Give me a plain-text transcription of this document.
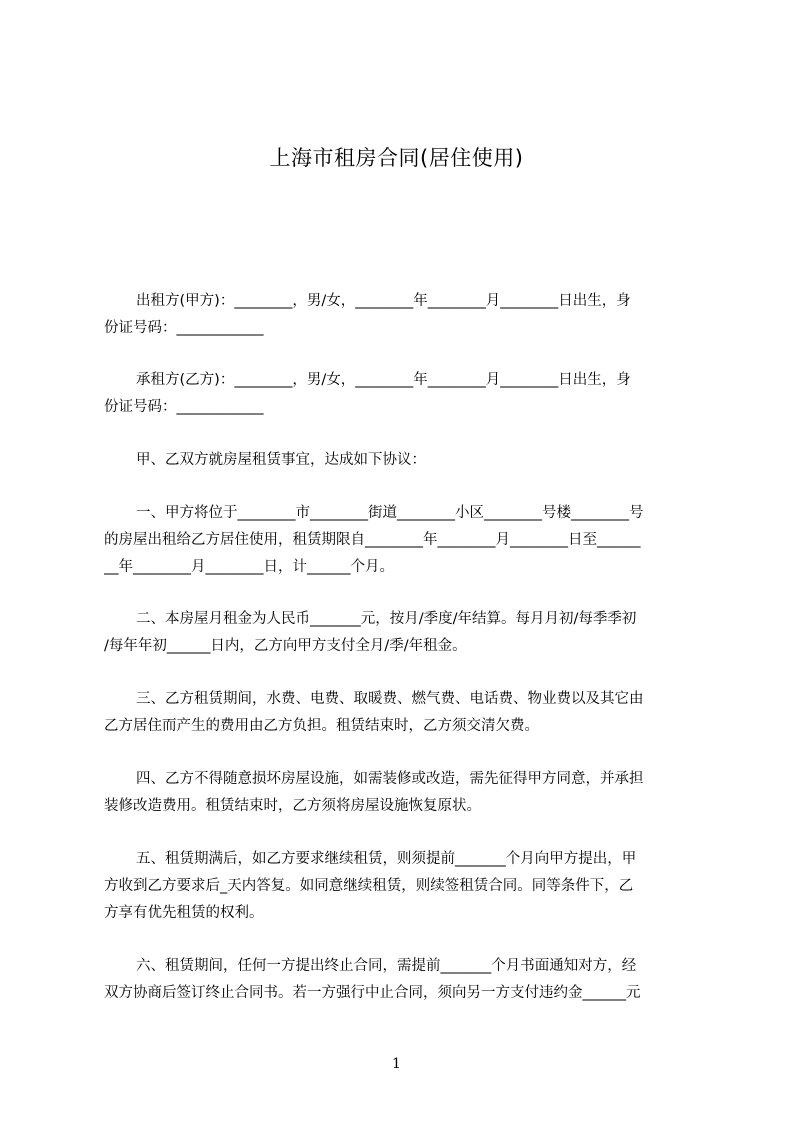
上海市租房合同(居住使用)

出租方(甲方)：________，男/女，________年________月________日出生，身
份证号码：____________

承租方(乙方)：________，男/女，________年________月________日出生，身
份证号码：____________

甲、乙双方就房屋租赁事宜，达成如下协议：

一、甲方将位于________市________街道________小区________号楼________号
的房屋出租给乙方居住使用，租赁期限自________年________月________日至______
__年________月________日，计______个月。

二、本房屋月租金为人民币_______元，按月/季度/年结算。每月月初/每季季初
/每年年初______日内，乙方向甲方支付全月/季/年租金。

三、乙方租赁期间，水费、电费、取暖费、燃气费、电话费、物业费以及其它由
乙方居住而产生的费用由乙方负担。租赁结束时，乙方须交清欠费。

四、乙方不得随意损坏房屋设施，如需装修或改造，需先征得甲方同意，并承担
装修改造费用。租赁结束时，乙方须将房屋设施恢复原状。

五、租赁期满后，如乙方要求继续租赁，则须提前_______个月向甲方提出，甲
方收到乙方要求后_天内答复。如同意继续租赁，则续签租赁合同。同等条件下，乙
方享有优先租赁的权利。

六、租赁期间，任何一方提出终止合同，需提前_______个月书面通知对方，经
双方协商后签订终止合同书。若一方强行中止合同，须向另一方支付违约金______元

1
